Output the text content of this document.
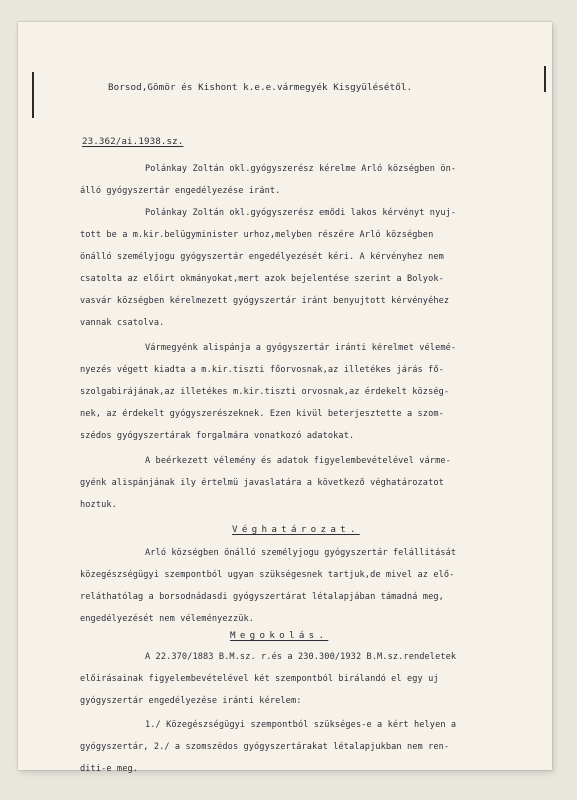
Borsod,Gömör és Kishont k.e.e.vármegyék Kisgyülésétől.
23.362/ai.1938.sz.
Polánkay Zoltán okl.gyógyszerész kérelme Arló községben ön-
álló gyógyszertár engedélyezése iránt.
Polánkay Zoltán okl.gyógyszerész emődi lakos kérvényt nyuj-
tott be a m.kir.belügyminister urhoz,melyben részére Arló községben
önálló személyjogu gyógyszertár engedélyezését kéri. A kérvényhez nem
csatolta az előirt okmányokat,mert azok bejelentése szerint a Bolyok-
vasvár községben kérelmezett gyógyszertár iránt benyujtott kérvényéhez
vannak csatolva.
Vármegyénk alispánja a gyógyszertár iránti kérelmet vélemé-
nyezés végett kiadta a m.kir.tiszti főorvosnak,az illetékes járás fő-
szolgabirájának,az illetékes m.kir.tiszti orvosnak,az érdekelt község-
nek, az érdekelt gyógyszerészeknek. Ezen kivül beterjesztette a szom-
szédos gyógyszertárak forgalmára vonatkozó adatokat.
A beérkezett vélemény és adatok figyelembevételével várme-
gyénk alispánjának ily értelmü javaslatára a következő véghatározatot
hoztuk.
Véghatározat.
Arló községben önálló személyjogu gyógyszertár felállitását
közegészségügyi szempontból ugyan szükségesnek tartjuk,de mivel az elő-
reláthatólag a borsodnádasdi gyógyszertárat létalapjában támadná meg,
engedélyezését nem véleményezzük.
Megokolás.
A 22.370/1883 B.M.sz. r.és a 230.300/1932 B.M.sz.rendeletek
előirásainak figyelembevételével két szempontból birálandó el egy uj
gyógyszertár engedélyezése iránti kérelem:
1./ Közegészségügyi szempontból szükséges-e a kért helyen a
gyógyszertár, 2./ a szomszédos gyógyszertárakat létalapjukban nem ren-
diti-e meg.
